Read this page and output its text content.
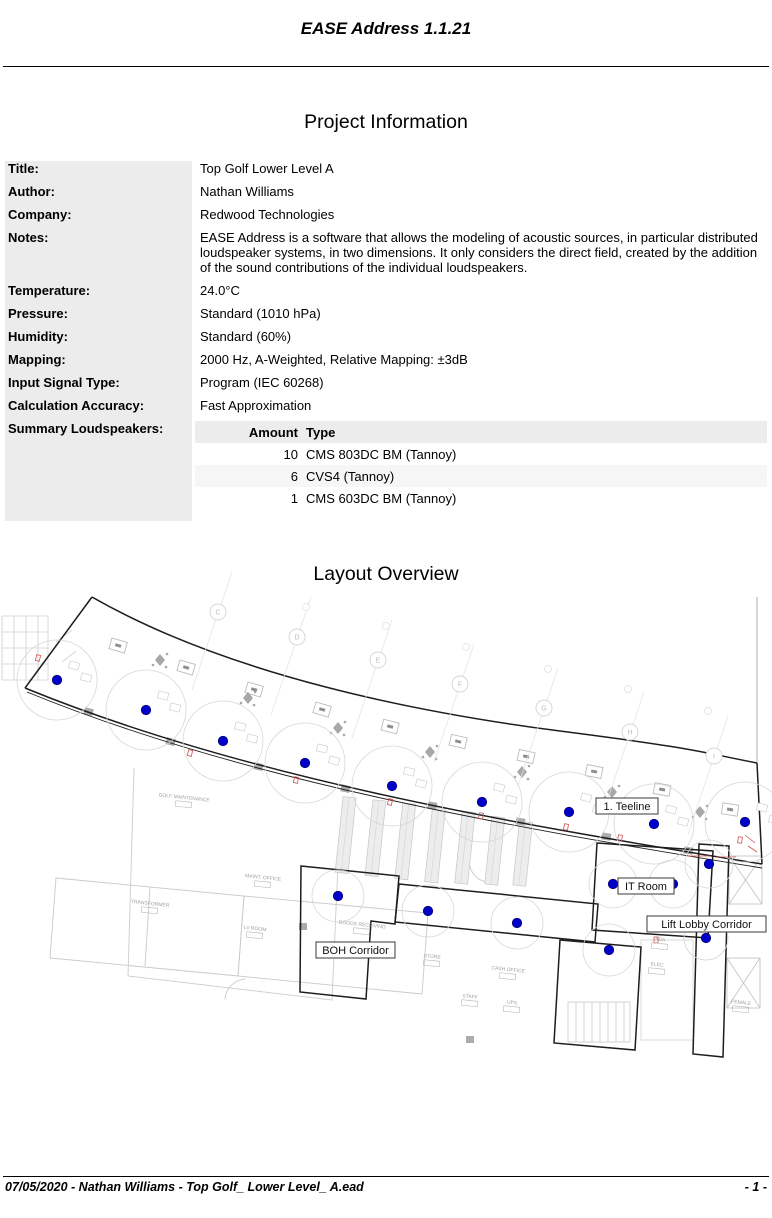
EASE Address 1.1.21
Project Information
Title:	Top Golf Lower Level A
Author:	Nathan Williams
Company:	Redwood Technologies
Notes:	EASE Address is a software that allows the modeling of acoustic sources, in particular distributed loudspeaker systems, in two dimensions. It only considers the direct field, created by the addition of the sound contributions of the individual loudspeakers.
Temperature:	24.0°C
Pressure:	Standard (1010 hPa)
Humidity:	Standard (60%)
Mapping:	2000 Hz, A-Weighted, Relative Mapping: ±3dB
Input Signal Type:	Program (IEC 60268)
Calculation Accuracy:	Fast Approximation
Summary Loudspeakers:	Amount Type
10 CMS 803DC BM (Tannoy)
6 CVS4 (Tannoy)
1 CMS 603DC BM (Tannoy)
Layout Overview
C
D
E
F
G
H
I
GOLF MAINTENANCE
MAINT. OFFICE
TRANSFORMER
LV ROOM	GOODS RECEIVING
STORE
CASH OFFICE
STAFF
UPS
ADA
ELEC
FEMALE
1. Teeline
IT Room
Lift Lobby Corridor
BOH Corridor
07/05/2020 - Nathan Williams - Top Golf_ Lower Level_ A.ead	- 1 -
